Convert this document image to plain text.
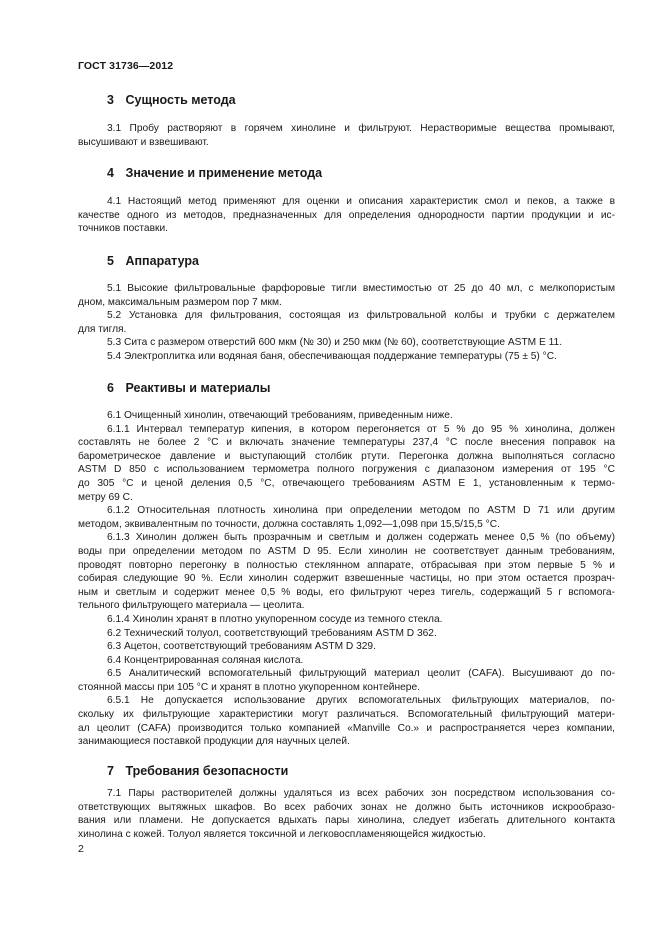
ГОСТ 31736—2012
3 Сущность метода
3.1 Пробу растворяют в горячем хинолине и фильтруют. Нерастворимые вещества промывают,
высушивают и взвешивают.
4 Значение и применение метода
4.1 Настоящий метод применяют для оценки и описания характеристик смол и пеков, а также в
качестве одного из методов, предназначенных для определения однородности партии продукции и ис-
точников поставки.
5 Аппаратура
5.1 Высокие фильтровальные фарфоровые тигли вместимостью от 25 до 40 мл, с мелкопористым
дном, максимальным размером пор 7 мкм.
5.2 Установка для фильтрования, состоящая из фильтровальной колбы и трубки с держателем
для тигля.
5.3 Сита с размером отверстий 600 мкм (№ 30) и 250 мкм (№ 60), соответствующие ASTM E 11.
5.4 Электроплитка или водяная баня, обеспечивающая поддержание температуры (75 ± 5) °C.
6 Реактивы и материалы
6.1 Очищенный хинолин, отвечающий требованиям, приведенным ниже.
6.1.1 Интервал температур кипения, в котором перегоняется от 5 % до 95 % хинолина, должен
составлять не более 2 °C и включать значение температуры 237,4 °C после внесения поправок на
барометрическое давление и выступающий столбик ртути. Перегонка должна выполняться согласно
ASTM D 850 с использованием термометра полного погружения с диапазоном измерения от 195 °C
до 305 °C и ценой деления 0,5 °C, отвечающего требованиям ASTM E 1, установленным к термо-
метру 69 C.
6.1.2 Относительная плотность хинолина при определении методом по ASTM D 71 или другим
методом, эквивалентным по точности, должна составлять 1,092—1,098 при 15,5/15,5 °C.
6.1.3 Хинолин должен быть прозрачным и светлым и должен содержать менее 0,5 % (по объему)
воды при определении методом по ASTM D 95. Если хинолин не соответствует данным требованиям,
проводят повторно перегонку в полностью стеклянном аппарате, отбрасывая при этом первые 5 % и
собирая следующие 90 %. Если хинолин содержит взвешенные частицы, но при этом остается прозрач-
ным и светлым и содержит менее 0,5 % воды, его фильтруют через тигель, содержащий 5 г вспомога-
тельного фильтрующего материала — цеолита.
6.1.4 Хинолин хранят в плотно укупоренном сосуде из темного стекла.
6.2 Технический толуол, соответствующий требованиям ASTM D 362.
6.3 Ацетон, соответствующий требованиям ASTM D 329.
6.4 Концентрированная соляная кислота.
6.5 Аналитический вспомогательный фильтрующий материал цеолит (CAFA). Высушивают до по-
стоянной массы при 105 °C и хранят в плотно укупоренном контейнере.
6.5.1 Не допускается использование других вспомогательных фильтрующих материалов, по-
скольку их фильтрующие характеристики могут различаться. Вспомогательный фильтрующий матери-
ал цеолит (CAFA) производится только компанией «Manville Co.» и распространяется через компании,
занимающиеся поставкой продукции для научных целей.
7 Требования безопасности
7.1 Пары растворителей должны удаляться из всех рабочих зон посредством использования со-
ответствующих вытяжных шкафов. Во всех рабочих зонах не должно быть источников искрообразо-
вания или пламени. Не допускается вдыхать пары хинолина, следует избегать длительного контакта
хинолина с кожей. Толуол является токсичной и легковоспламеняющейся жидкостью.
2
